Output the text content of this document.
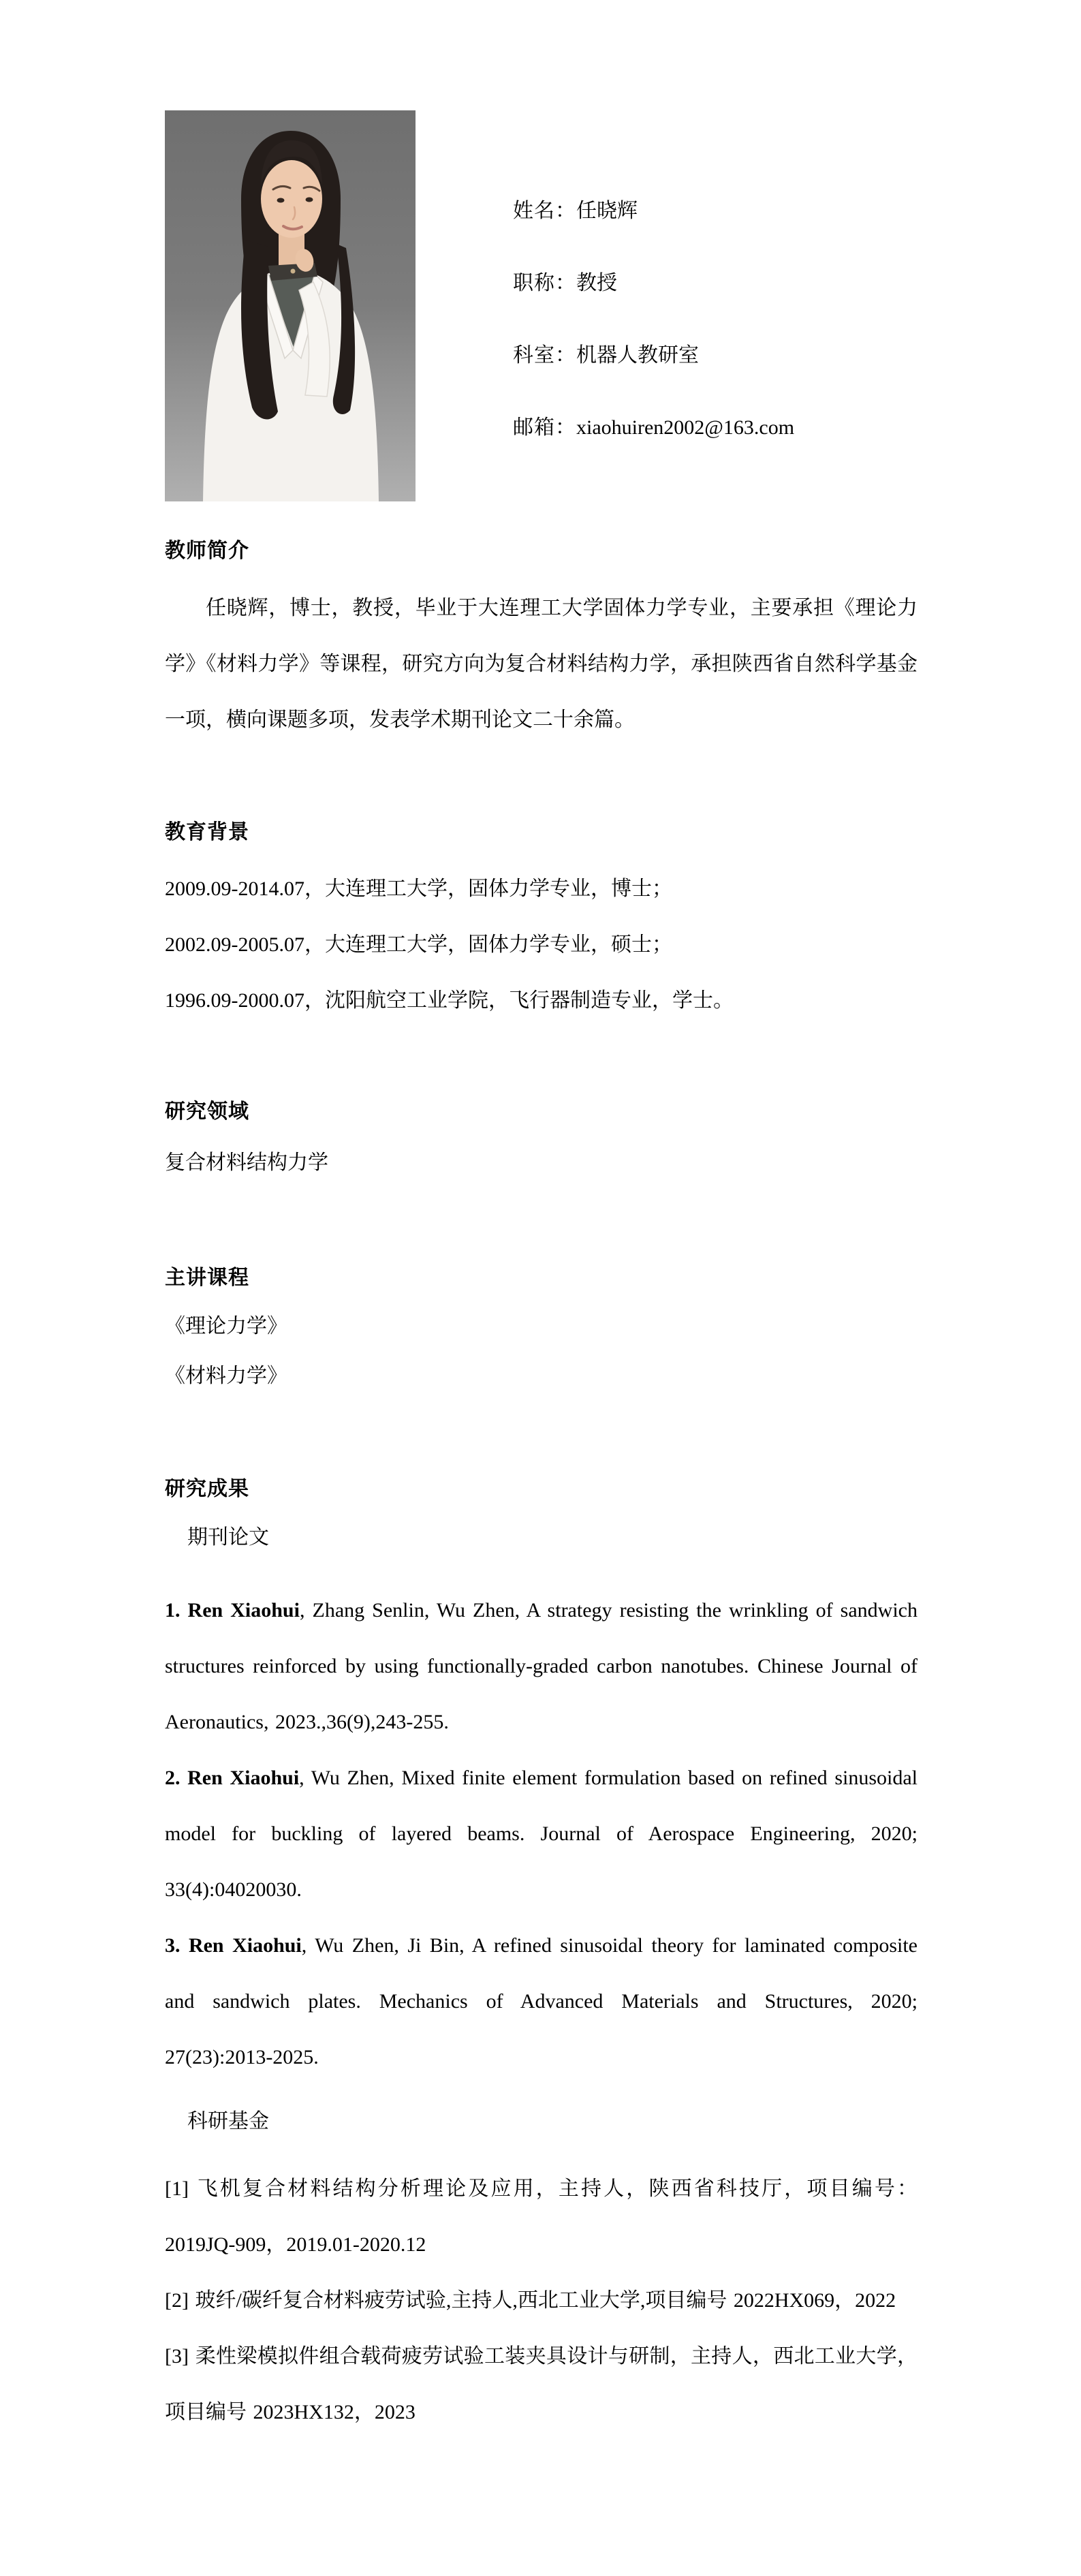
姓名：任晓辉
职称：教授
科室：机器人教研室
邮箱：xiaohuiren2002@163.com
教师简介

任晓辉，博士，教授，毕业于大连理工大学固体力学专业，主要承担《理论力学》《材料力学》等课程，研究方向为复合材料结构力学，承担陕西省自然科学基金一项，横向课题多项，发表学术期刊论文二十余篇。

教育背景

2009.09-2014.07，大连理工大学，固体力学专业，博士；

2002.09-2005.07，大连理工大学，固体力学专业，硕士；

1996.09-2000.07，沈阳航空工业学院，飞行器制造专业，学士。

研究领域

复合材料结构力学

主讲课程

《理论力学》

《材料力学》

研究成果

期刊论文

1. Ren Xiaohui, Zhang Senlin, Wu Zhen, A strategy resisting the wrinkling of sandwich structures reinforced by using functionally-graded carbon nanotubes. Chinese Journal of Aeronautics, 2023.,36(9),243-255.

2. Ren Xiaohui, Wu Zhen, Mixed finite element formulation based on refined sinusoidal model for buckling of layered beams. Journal of Aerospace Engineering, 2020; 33(4):04020030.

3. Ren Xiaohui, Wu Zhen, Ji Bin, A refined sinusoidal theory for laminated composite and sandwich plates. Mechanics of Advanced Materials and Structures, 2020; 27(23):2013-2025.

科研基金

[1] 飞机复合材料结构分析理论及应用，主持人，陕西省科技厅，项目编号：2019JQ-909，2019.01-2020.12

[2] 玻纤/碳纤复合材料疲劳试验,主持人,西北工业大学,项目编号 2022HX069，2022

[3] 柔性梁模拟件组合载荷疲劳试验工装夹具设计与研制，主持人，西北工业大学，项目编号 2023HX132，2023
